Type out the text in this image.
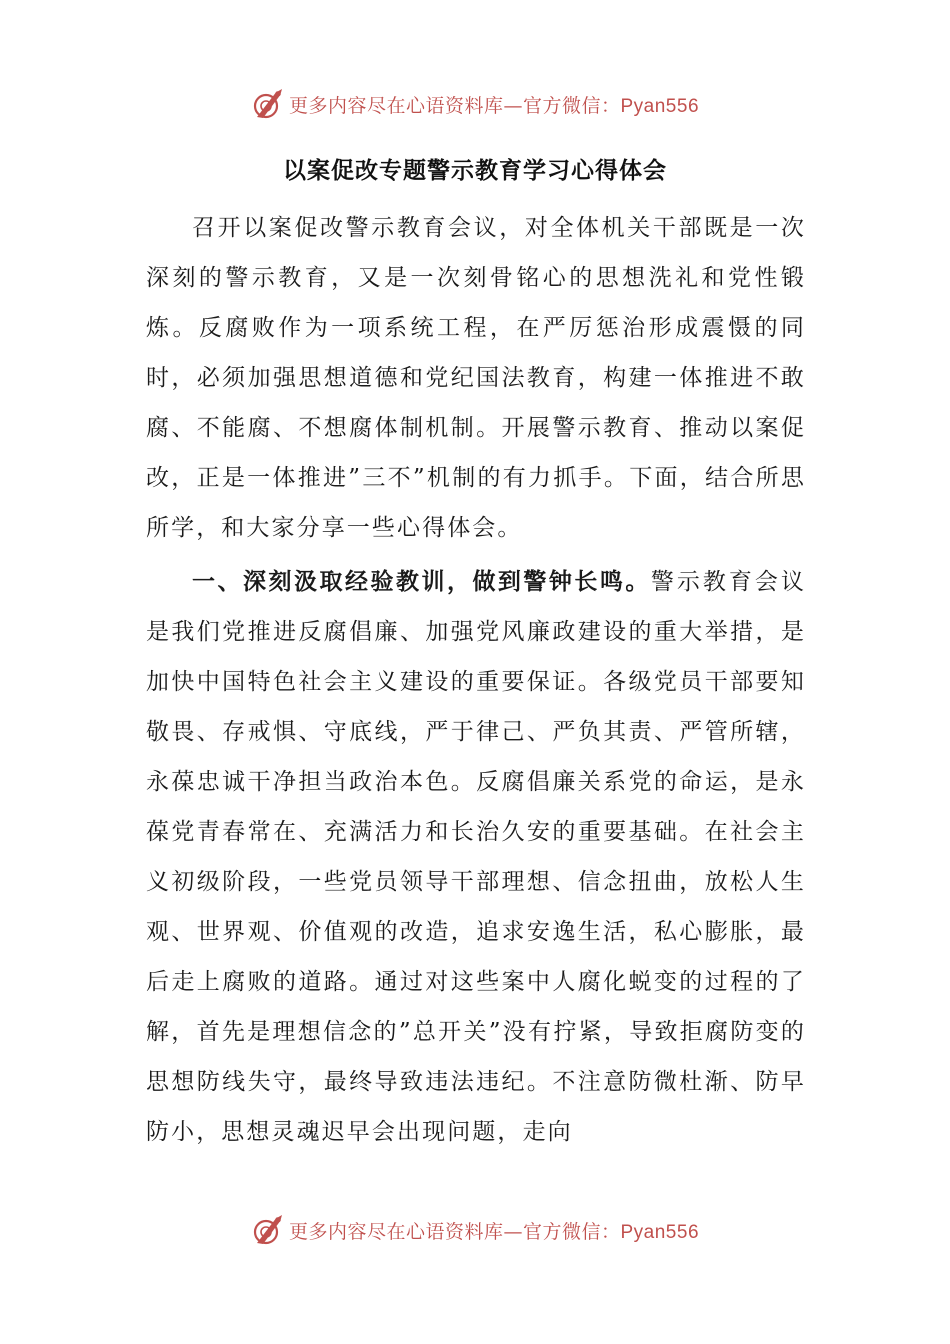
更多内容尽在心语资料库—官方微信：Pyan556
以案促改专题警示教育学习心得体会

召开以案促改警示教育会议，对全体机关干部既是一次深刻的警示教育，又是一次刻骨铭心的思想洗礼和党性锻炼。反腐败作为一项系统工程，在严厉惩治形成震慑的同时，必须加强思想道德和党纪国法教育，构建一体推进不敢腐、不能腐、不想腐体制机制。开展警示教育、推动以案促改，正是一体推进”三不”机制的有力抓手。下面，结合所思所学，和大家分享一些心得体会。

一、深刻汲取经验教训，做到警钟长鸣。警示教育会议是我们党推进反腐倡廉、加强党风廉政建设的重大举措，是加快中国特色社会主义建设的重要保证。各级党员干部要知敬畏、存戒惧、守底线，严于律己、严负其责、严管所辖，永葆忠诚干净担当政治本色。反腐倡廉关系党的命运，是永葆党青春常在、充满活力和长治久安的重要基础。在社会主义初级阶段，一些党员领导干部理想、信念扭曲，放松人生观、世界观、价值观的改造，追求安逸生活，私心膨胀，最后走上腐败的道路。通过对这些案中人腐化蜕变的过程的了解，首先是理想信念的”总开关”没有拧紧，导致拒腐防变的思想防线失守，最终导致违法违纪。不注意防微杜渐、防早防小，思想灵魂迟早会出现问题，走向

更多内容尽在心语资料库—官方微信：Pyan556
